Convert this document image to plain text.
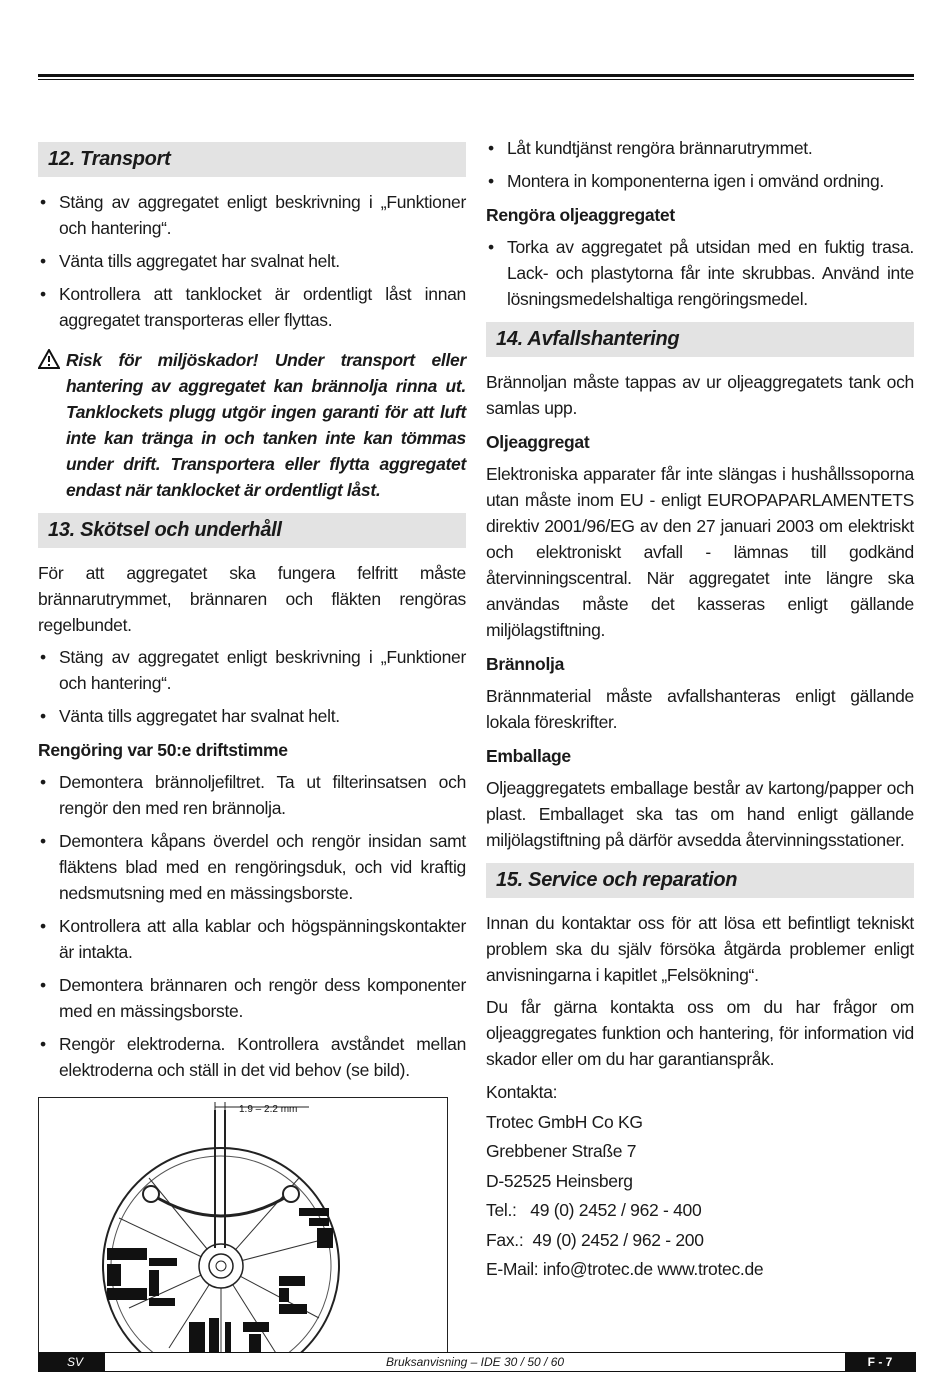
12. Transport
• Stäng av aggregatet enligt beskrivning i „Funktioner och hantering“.
• Vänta tills aggregatet har svalnat helt.
• Kontrollera att tanklocket är ordentligt låst innan aggregatet transporteras eller flyttas.
Risk för miljöskador! Under transport eller hantering av aggregatet kan brännolja rinna ut. Tanklockets plugg utgör ingen garanti för att luft inte kan tränga in och tanken inte kan tömmas under drift. Transportera eller flytta aggregatet endast när tanklocket är ordentligt låst.
13. Skötsel och underhåll

För att aggregatet ska fungera felfritt måste brännarutrymmet, brännaren och fläkten rengöras regelbundet.

• Stäng av aggregatet enligt beskrivning i „Funktioner och hantering“.
• Vänta tills aggregatet har svalnat helt.
Rengöring var 50:e driftstimme
• Demontera brännoljefiltret. Ta ut filterinsatsen och rengör den med ren brännolja.
• Demontera kåpans överdel och rengör insidan samt fläktens blad med en rengöringsduk, och vid kraftig nedsmutsning med en mässingsborste.
• Kontrollera att alla kablar och högspänningskontakter är intakta.
• Demontera brännaren och rengör dess komponenter med en mässingsborste.
• Rengör elektroderna. Kontrollera avståndet mellan elektroderna och ställ in det vid behov (se bild).
1.9 – 2.2 mm
• Låt kundtjänst rengöra brännarutrymmet.
• Montera in komponenterna igen i omvänd ordning.
Rengöra oljeaggregatet
• Torka av aggregatet på utsidan med en fuktig trasa. Lack- och plastytorna får inte skrubbas. Använd inte lösningsmedelshaltiga rengöringsmedel.
14. Avfallshantering

Brännoljan måste tappas av ur oljeaggregatets tank och samlas upp.

Oljeaggregat

Elektroniska apparater får inte slängas i hushållssoporna utan måste inom EU - enligt EUROPAPARLAMENTETS direktiv 2001/96/EG av den 27 januari 2003 om elektriskt och elektroniskt avfall - lämnas till godkänd återvinningscentral. När aggregatet inte längre ska användas måste det kasseras enligt gällande miljölagstiftning.

Brännolja

Brännmaterial måste avfallshanteras enligt gällande lokala föreskrifter.

Emballage

Oljeaggregatets emballage består av kartong/papper och plast. Emballaget ska tas om hand enligt gällande miljölagstiftning på därför avsedda återvinningsstationer.

15. Service och reparation

Innan du kontaktar oss för att lösa ett befintligt tekniskt problem ska du själv försöka åtgärda problemer enligt anvisningarna i kapitlet „Felsökning“.

Du får gärna kontakta oss om du har frågor om oljeaggregates funktion och hantering, för information vid skador eller om du har garantianspråk.

Kontakta:

Trotec GmbH Co KG

Grebbener Straße 7

D-52525 Heinsberg

Tel.:   49 (0) 2452 / 962 - 400

Fax.:  49 (0) 2452 / 962 - 200

E-Mail: info@trotec.de www.trotec.de

SV	Bruksanvisning – IDE 30 / 50 / 60	F - 7
